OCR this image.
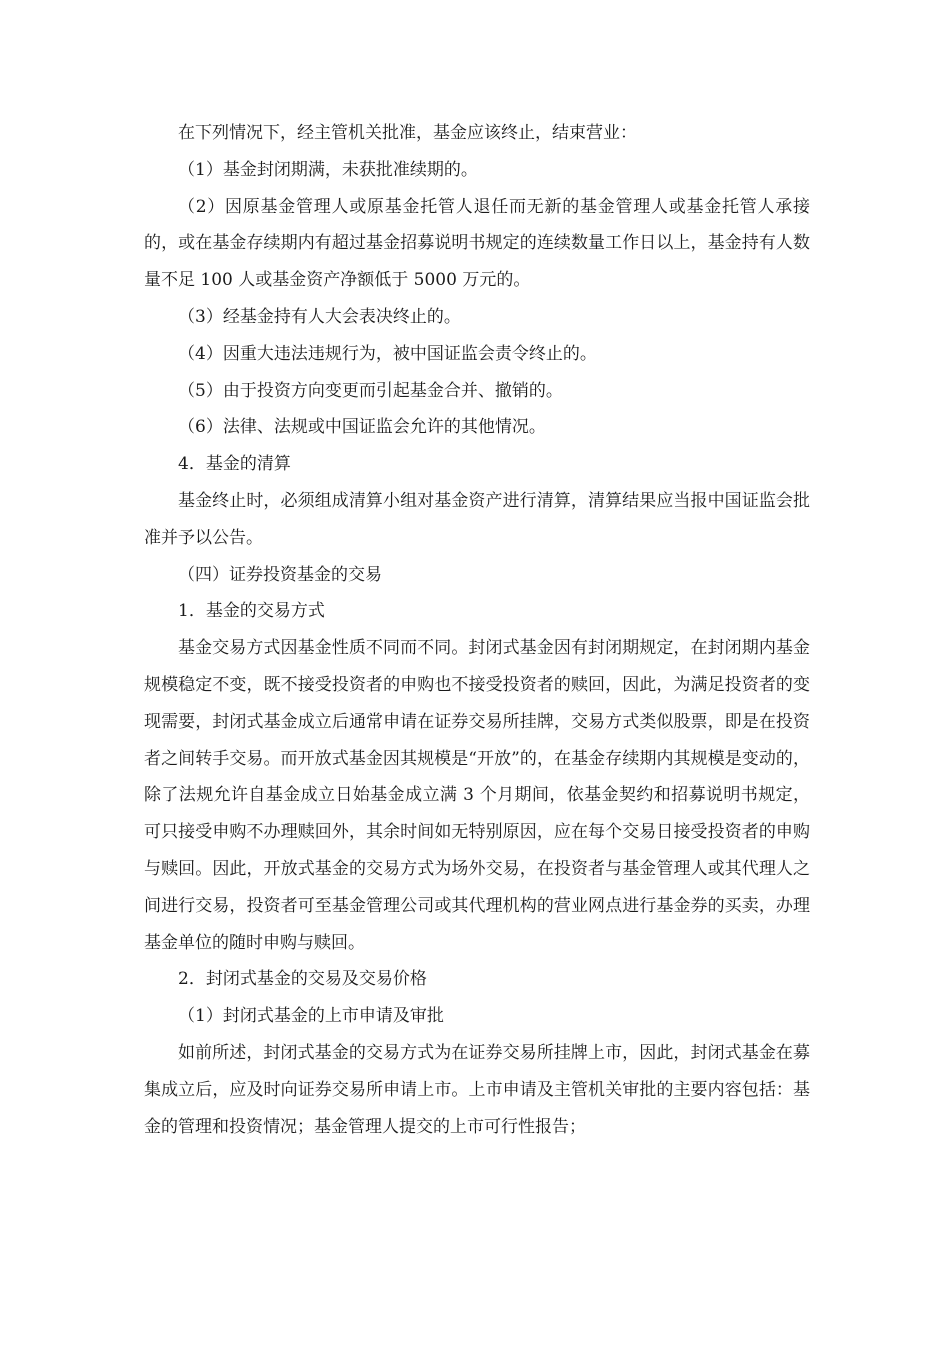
在下列情况下，经主管机关批准，基金应该终止，结束营业：

（1）基金封闭期满，未获批准续期的。

（2）因原基金管理人或原基金托管人退任而无新的基金管理人或基金托管人承接的，或在基金存续期内有超过基金招募说明书规定的连续数量工作日以上，基金持有人数量不足 100 人或基金资产净额低于 5000 万元的。

（3）经基金持有人大会表决终止的。

（4）因重大违法违规行为，被中国证监会责令终止的。

（5）由于投资方向变更而引起基金合并、撤销的。

（6）法律、法规或中国证监会允许的其他情况。

4．基金的清算

基金终止时，必须组成清算小组对基金资产进行清算，清算结果应当报中国证监会批准并予以公告。

（四）证券投资基金的交易

1．基金的交易方式

基金交易方式因基金性质不同而不同。封闭式基金因有封闭期规定，在封闭期内基金规模稳定不变，既不接受投资者的申购也不接受投资者的赎回，因此，为满足投资者的变现需要，封闭式基金成立后通常申请在证券交易所挂牌，交易方式类似股票，即是在投资者之间转手交易。而开放式基金因其规模是“开放”的，在基金存续期内其规模是变动的，除了法规允许自基金成立日始基金成立满 3 个月期间，依基金契约和招募说明书规定，可只接受申购不办理赎回外，其余时间如无特别原因，应在每个交易日接受投资者的申购与赎回。因此，开放式基金的交易方式为场外交易，在投资者与基金管理人或其代理人之间进行交易，投资者可至基金管理公司或其代理机构的营业网点进行基金券的买卖，办理基金单位的随时申购与赎回。

2．封闭式基金的交易及交易价格

（1）封闭式基金的上市申请及审批

如前所述，封闭式基金的交易方式为在证券交易所挂牌上市，因此，封闭式基金在募集成立后，应及时向证券交易所申请上市。上市申请及主管机关审批的主要内容包括：基金的管理和投资情况；基金管理人提交的上市可行性报告；
